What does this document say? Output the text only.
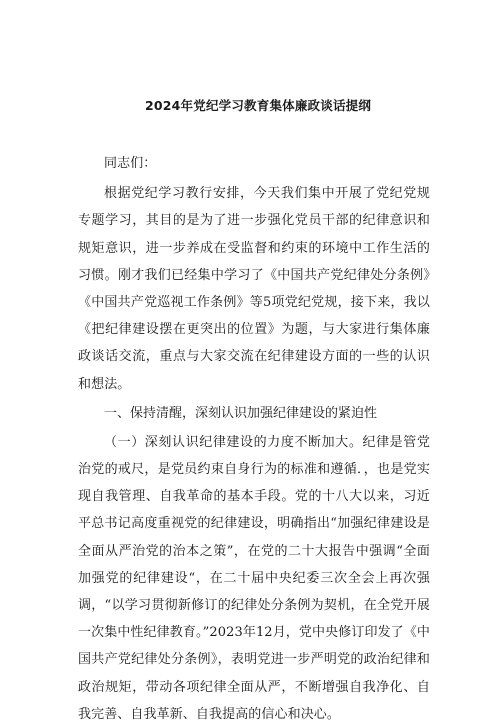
2024年党纪学习教育集体廉政谈话提纲

同志们：

根据党纪学习教行安排，今天我们集中开展了党纪党规专题学习，其目的是为了进一步强化党员干部的纪律意识和规矩意识，进一步养成在受监督和约束的环境中工作生活的习惯。刚才我们已经集中学习了《中国共产党纪律处分条例》《中国共产党巡视工作条例》等5项党纪党规，接下来，我以《把纪律建设摆在更突出的位置》为题，与大家进行集体廉政谈话交流，重点与大家交流在纪律建设方面的一些的认识和想法。

一、保持清醒，深刻认识加强纪律建设的紧迫性

（一）深刻认识纪律建设的力度不断加大。纪律是管党治党的戒尺，是党员约束自身行为的标准和遵循．，也是党实现自我管理、自我革命的基本手段。党的十八大以来，习近平总书记高度重视党的纪律建设，明确指出“加强纪律建设是全面从严治党的治本之策”，在党的二十大报告中强调“全面加强党的纪律建设“，在二十届中央纪委三次全会上再次强调，“以学习贯彻新修订的纪律处分条例为契机，在全党开展一次集中性纪律教育。”2023年12月，党中央修订印发了《中国共产党纪律处分条例》，表明党进一步严明党的政治纪律和政治规矩，带动各项纪律全面从严，不断增强自我净化、自我完善、自我革新、自我提高的信心和决心。
